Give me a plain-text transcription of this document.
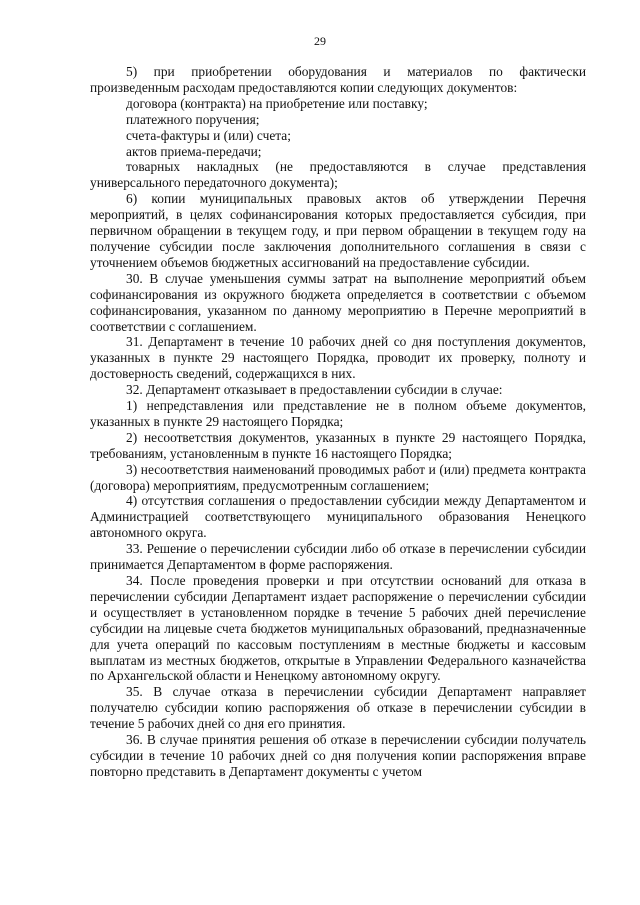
29

5) при приобретении оборудования и материалов по фактически произведенным расходам предоставляются копии следующих документов:

договора (контракта) на приобретение или поставку;

платежного поручения;

счета-фактуры и (или) счета;

актов приема-передачи;

товарных накладных (не предоставляются в случае представления универсального передаточного документа);

6) копии муниципальных правовых актов об утверждении Перечня мероприятий, в целях софинансирования которых предоставляется субсидия, при первичном обращении в текущем году, и при первом обращении в текущем году на получение субсидии после заключения дополнительного соглашения в связи с уточнением объемов бюджетных ассигнований на предоставление субсидии.

30. В случае уменьшения суммы затрат на выполнение мероприятий объем софинансирования из окружного бюджета определяется в соответствии с объемом софинансирования, указанном по данному мероприятию в Перечне мероприятий в соответствии с соглашением.

31. Департамент в течение 10 рабочих дней со дня поступления документов, указанных в пункте 29 настоящего Порядка, проводит их проверку, полноту и достоверность сведений, содержащихся в них.

32. Департамент отказывает в предоставлении субсидии в случае:

1) непредставления или представление не в полном объеме документов, указанных в пункте 29 настоящего Порядка;

2) несоответствия документов, указанных в пункте 29 настоящего Порядка, требованиям, установленным в пункте 16 настоящего Порядка;

3) несоответствия наименований проводимых работ и (или) предмета контракта (договора) мероприятиям, предусмотренным соглашением;

4) отсутствия соглашения о предоставлении субсидии между Департаментом и Администрацией соответствующего муниципального образования Ненецкого автономного округа.

33. Решение о перечислении субсидии либо об отказе в перечислении субсидии принимается Департаментом в форме распоряжения.

34. После проведения проверки и при отсутствии оснований для отказа в перечислении субсидии Департамент издает распоряжение о перечислении субсидии и осуществляет в установленном порядке в течение 5 рабочих дней перечисление субсидии на лицевые счета бюджетов муниципальных образований, предназначенные для учета операций по кассовым поступлениям в местные бюджеты и кассовым выплатам из местных бюджетов, открытые в Управлении Федерального казначейства по Архангельской области и Ненецкому автономному округу.

35. В случае отказа в перечислении субсидии Департамент направляет получателю субсидии копию распоряжения об отказе в перечислении субсидии в течение 5 рабочих дней со дня его принятия.

36. В случае принятия решения об отказе в перечислении субсидии получатель субсидии в течение 10 рабочих дней со дня получения копии распоряжения вправе повторно представить в Департамент документы с учетом
